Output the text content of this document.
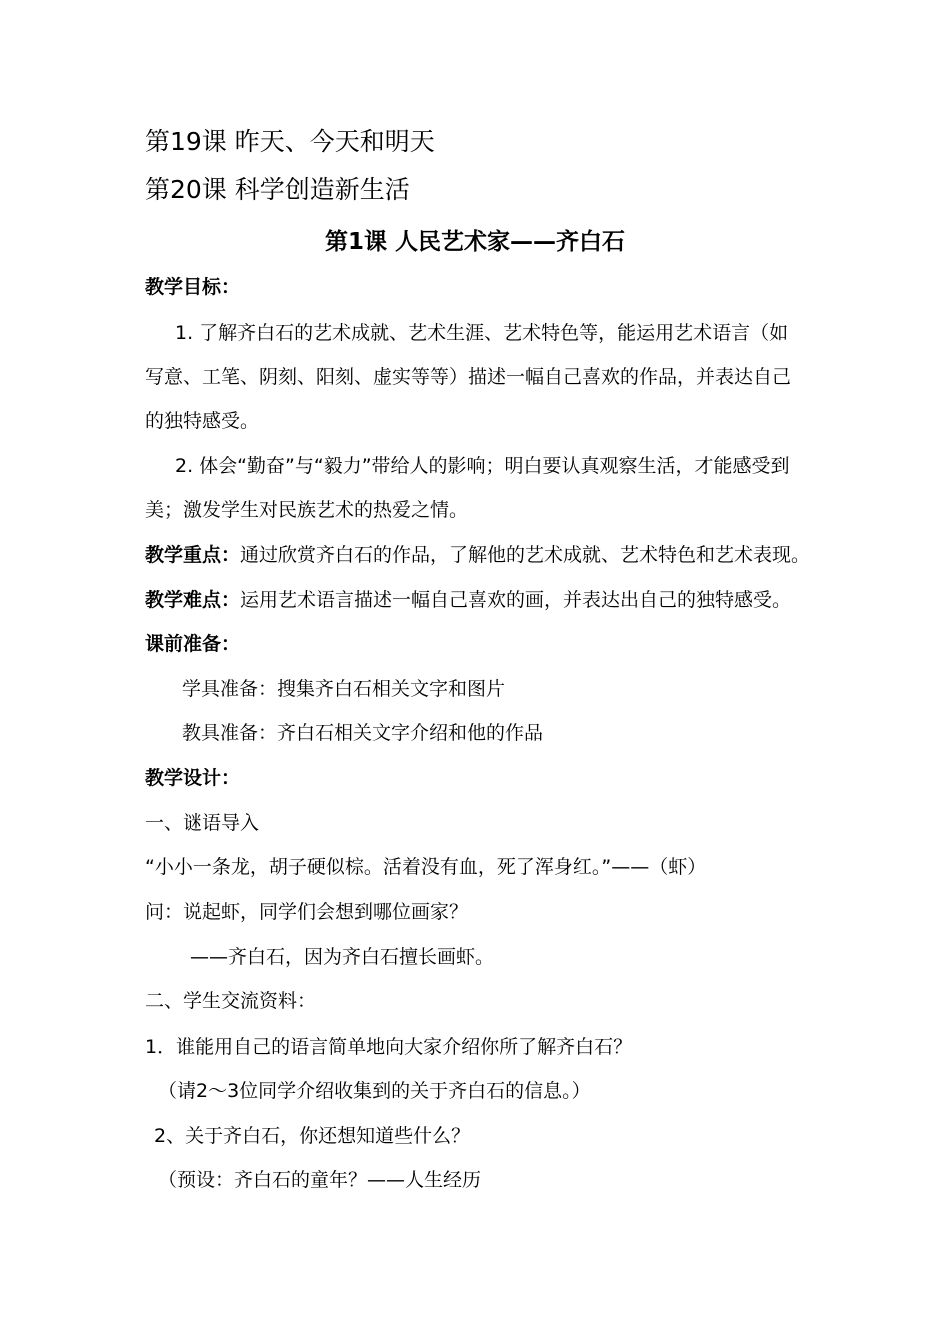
第19课 昨天、今天和明天
第20课 科学创造新生活
第1课 人民艺术家——齐白石
教学目标：
1. 了解齐白石的艺术成就、艺术生涯、艺术特色等，能运用艺术语言（如
写意、工笔、阴刻、阳刻、虚实等等）描述一幅自己喜欢的作品，并表达自己
的独特感受。
2. 体会“勤奋”与“毅力”带给人的影响；明白要认真观察生活，才能感受到
美；激发学生对民族艺术的热爱之情。
教学重点：通过欣赏齐白石的作品，了解他的艺术成就、艺术特色和艺术表现。
教学难点：运用艺术语言描述一幅自己喜欢的画，并表达出自己的独特感受。
课前准备：
学具准备：搜集齐白石相关文字和图片
教具准备：齐白石相关文字介绍和他的作品
教学设计：
一、谜语导入
“小小一条龙，胡子硬似棕。活着没有血，死了浑身红。”——（虾）
问：说起虾，同学们会想到哪位画家？
——齐白石，因为齐白石擅长画虾。
二、学生交流资料：
1．谁能用自己的语言简单地向大家介绍你所了解齐白石？
（请2～3位同学介绍收集到的关于齐白石的信息。）
2、关于齐白石，你还想知道些什么？
（预设：齐白石的童年？——人生经历
